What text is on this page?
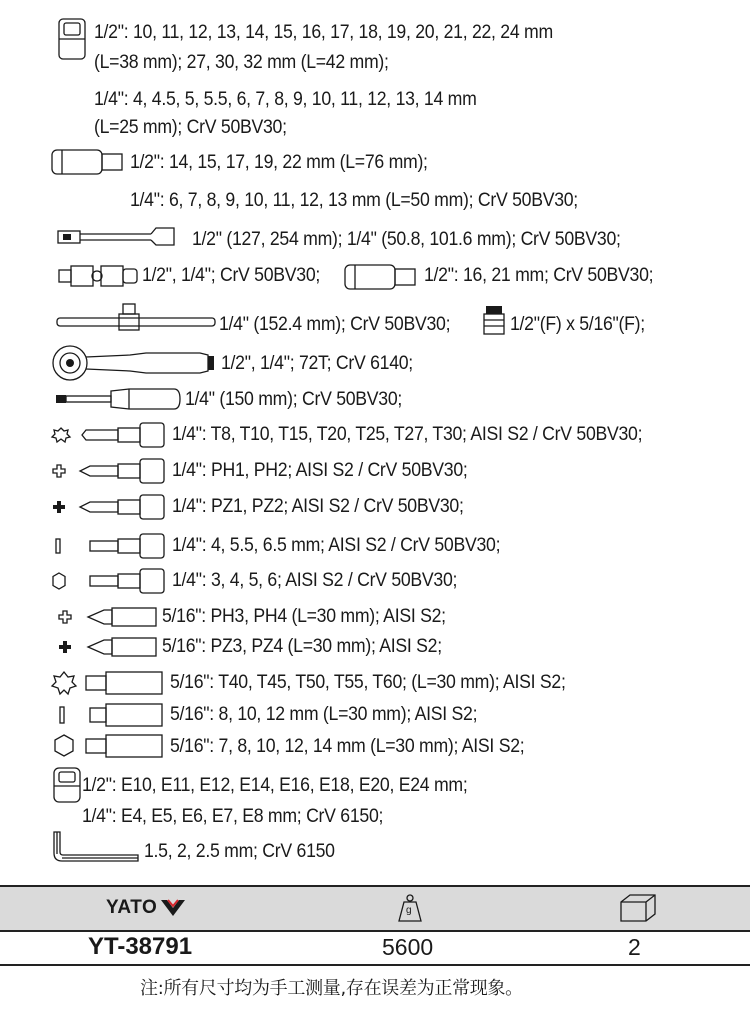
1/2": 10, 11, 12, 13, 14, 15, 16, 17, 18, 19, 20, 21, 22, 24 mm
(L=38 mm); 27, 30, 32 mm (L=42 mm);
1/4": 4, 4.5, 5, 5.5, 6, 7, 8, 9, 10, 11, 12, 13, 14 mm
(L=25 mm); CrV 50BV30;
1/2": 14, 15, 17, 19, 22 mm (L=76 mm);
1/4": 6, 7, 8, 9, 10, 11, 12, 13 mm (L=50 mm); CrV 50BV30;
1/2" (127, 254 mm); 1/4" (50.8, 101.6 mm); CrV 50BV30;
1/2", 1/4"; CrV 50BV30;	1/2": 16, 21 mm; CrV 50BV30;
1/4" (152.4 mm); CrV 50BV30;	1/2"(F) x 5/16"(F);
1/2", 1/4"; 72T; CrV 6140;
1/4" (150 mm); CrV 50BV30;
1/4": T8, T10, T15, T20, T25, T27, T30; AISI S2 / CrV 50BV30;
1/4": PH1, PH2; AISI S2 / CrV 50BV30;
1/4": PZ1, PZ2; AISI S2 / CrV 50BV30;
1/4": 4, 5.5, 6.5 mm; AISI S2 / CrV 50BV30;
1/4": 3, 4, 5, 6; AISI S2 / CrV 50BV30;
5/16": PH3, PH4 (L=30 mm); AISI S2;
5/16": PZ3, PZ4 (L=30 mm); AISI S2;
5/16": T40, T45, T50, T55, T60; (L=30 mm); AISI S2;
5/16": 8, 10, 12 mm (L=30 mm); AISI S2;
5/16": 7, 8, 10, 12, 14 mm (L=30 mm); AISI S2;
1/2": E10, E11, E12, E14, E16, E18, E20, E24 mm;
1/4": E4, E5, E6, E7, E8 mm; CrV 6150;
1.5, 2, 2.5 mm; CrV 6150
YATO	g
YT-38791	5600	2
注:所有尺寸均为手工测量,存在误差为正常现象。
